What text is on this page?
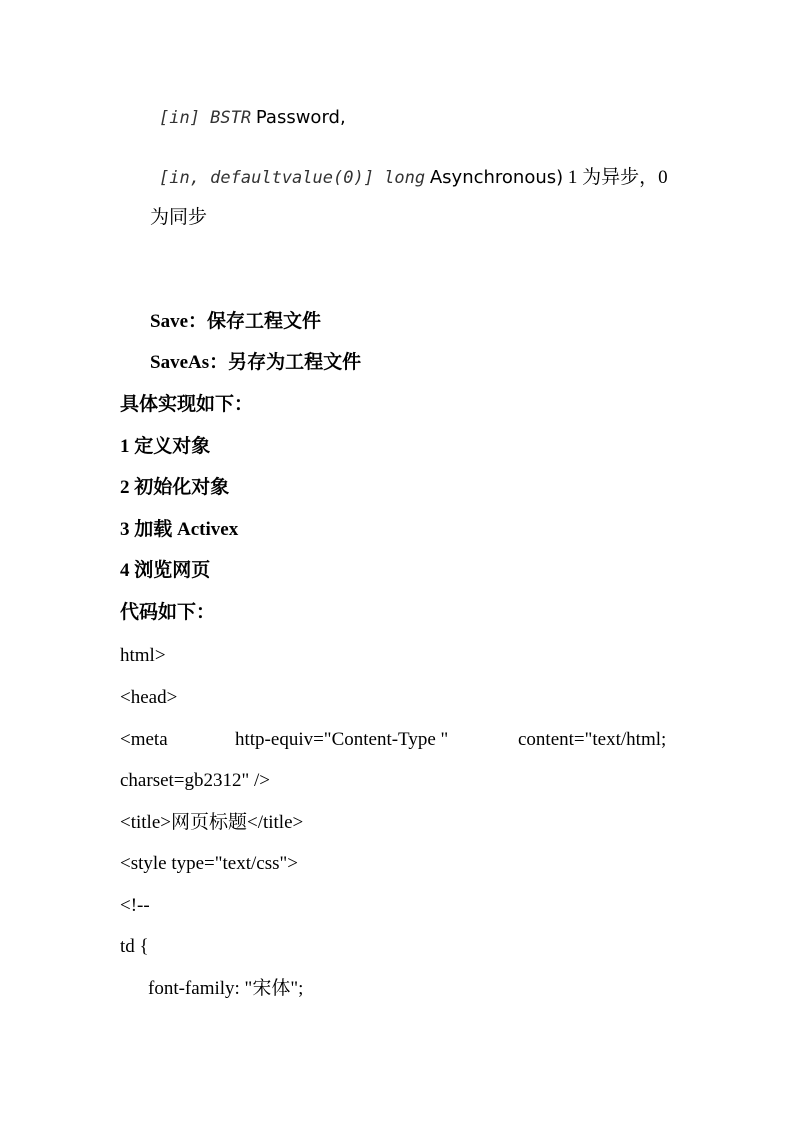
[in] BSTR Password,
[in, defaultvalue(0)] long Asynchronous) 1 为异步，0
为同步
Save：保存工程文件
SaveAs：另存为工程文件
具体实现如下：
1 定义对象
2 初始化对象
3 加载 Activex
4 浏览网页
代码如下：
html>
<head>
<meta	http-equiv="Content-Type "	content="text/html;
charset=gb2312" />
<title>网页标题</title>
<style type="text/css">
<!--
td {
font-family: "宋体";
